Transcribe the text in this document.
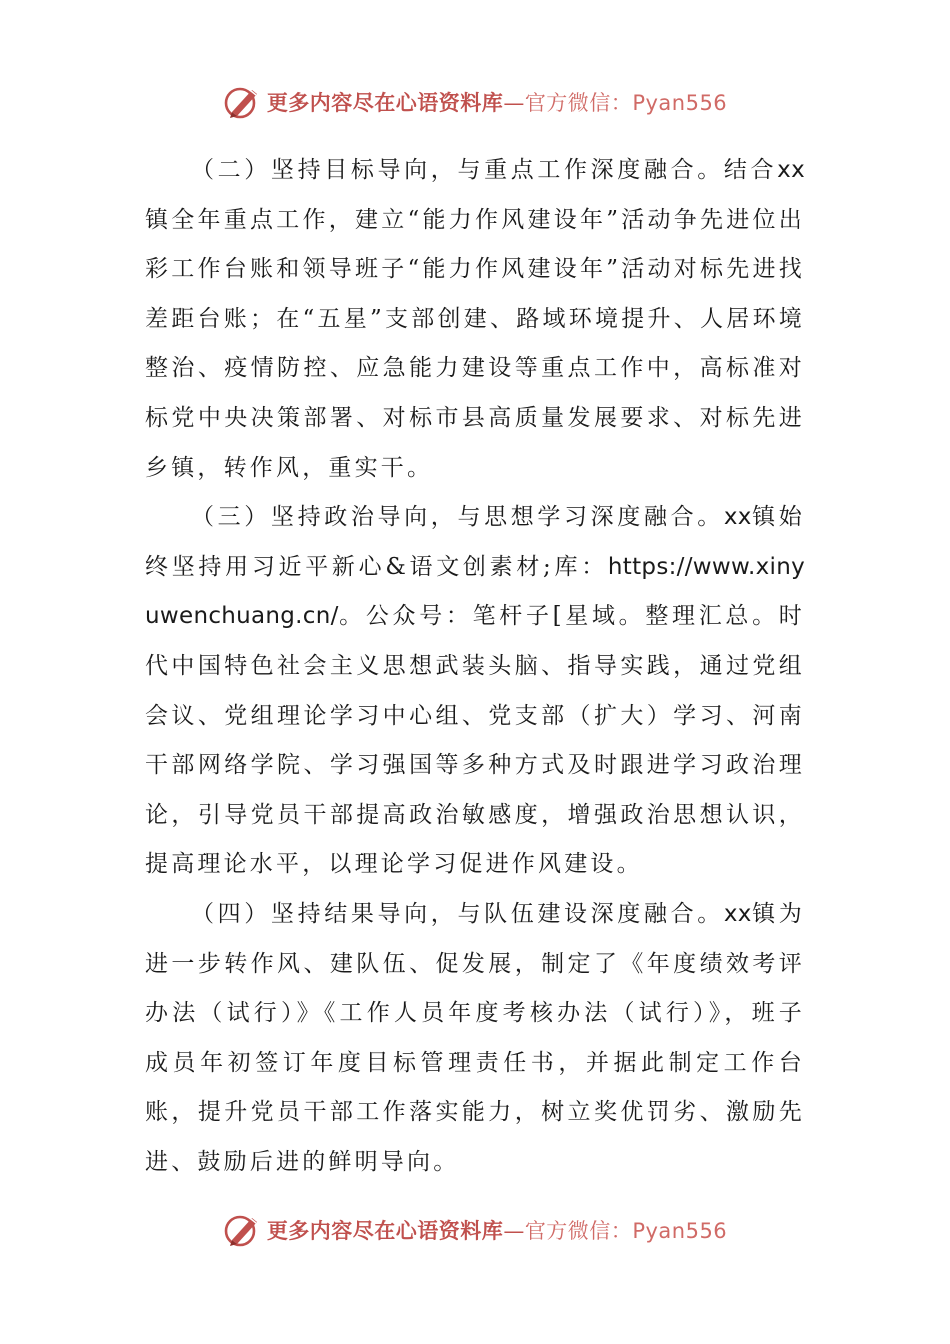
更多内容尽在心语资料库—官方微信：Pyan556

（二）坚持目标导向，与重点工作深度融合。结合xx镇全年重点工作，建立“能力作风建设年”活动争先进位出彩工作台账和领导班子“能力作风建设年”活动对标先进找差距台账；在“五星”支部创建、路域环境提升、人居环境整治、疫情防控、应急能力建设等重点工作中，高标准对标党中央决策部署、对标市县高质量发展要求、对标先进乡镇，转作风，重实干。

（三）坚持政治导向，与思想学习深度融合。xx镇始终坚持用习近平新心&语文创素材;库：https://www.xinyuwenchuang.cn/。公众号：笔杆子[星域。整理汇总。时代中国特色社会主义思想武装头脑、指导实践，通过党组会议、党组理论学习中心组、党支部（扩大）学习、河南干部网络学院、学习强国等多种方式及时跟进学习政治理论，引导党员干部提高政治敏感度，增强政治思想认识，提高理论水平，以理论学习促进作风建设。

（四）坚持结果导向，与队伍建设深度融合。xx镇为进一步转作风、建队伍、促发展，制定了《年度绩效考评办法（试行）》《工作人员年度考核办法（试行）》，班子成员年初签订年度目标管理责任书，并据此制定工作台账，提升党员干部工作落实能力，树立奖优罚劣、激励先进、鼓励后进的鲜明导向。

更多内容尽在心语资料库—官方微信：Pyan556
